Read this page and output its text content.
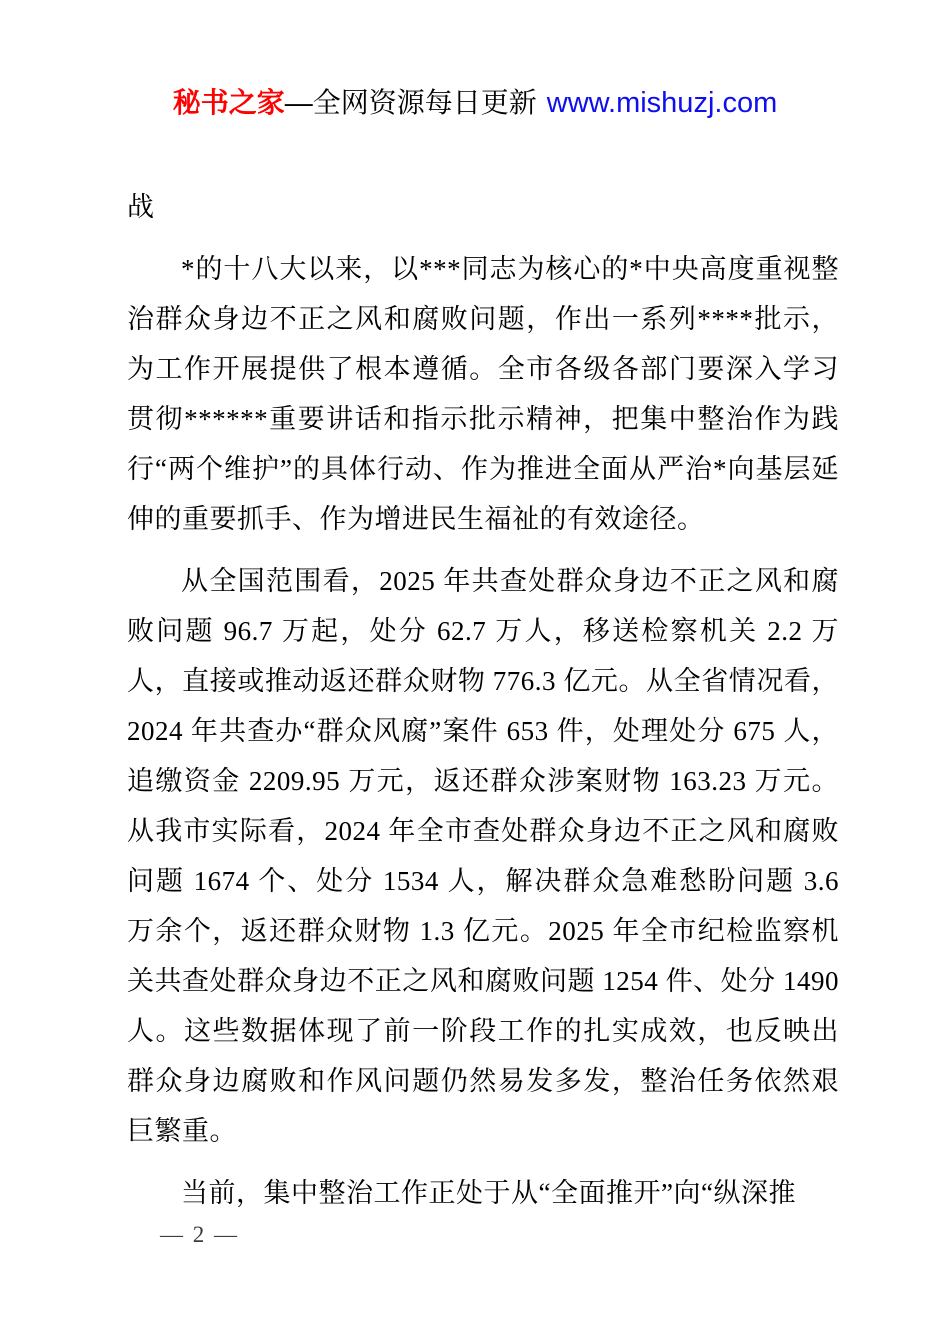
秘书之家—全网资源每日更新 www.mishuzj.com

战

*的十八大以来，以***同志为核心的*中央高度重视整治群众身边不正之风和腐败问题，作出一系列****批示，为工作开展提供了根本遵循。全市各级各部门要深入学习贯彻******重要讲话和指示批示精神，把集中整治作为践行“两个维护”的具体行动、作为推进全面从严治*向基层延伸的重要抓手、作为增进民生福祉的有效途径。

从全国范围看，2025 年共查处群众身边不正之风和腐败问题 96.7 万起，处分 62.7 万人，移送检察机关 2.2 万人，直接或推动返还群众财物 776.3 亿元。从全省情况看，2024 年共查办“群众风腐”案件 653 件，处理处分 675 人，追缴资金 2209.95 万元，返还群众涉案财物 163.23 万元。从我市实际看，2024 年全市查处群众身边不正之风和腐败问题 1674 个、处分 1534 人，解决群众急难愁盼问题 3.6 万余个，返还群众财物 1.3 亿元。2025 年全市纪检监察机关共查处群众身边不正之风和腐败问题 1254 件、处分 1490 人。这些数据体现了前一阶段工作的扎实成效，也反映出群众身边腐败和作风问题仍然易发多发，整治任务依然艰巨繁重。

当前，集中整治工作正处于从“全面推开”向“纵深推

— 2 —
